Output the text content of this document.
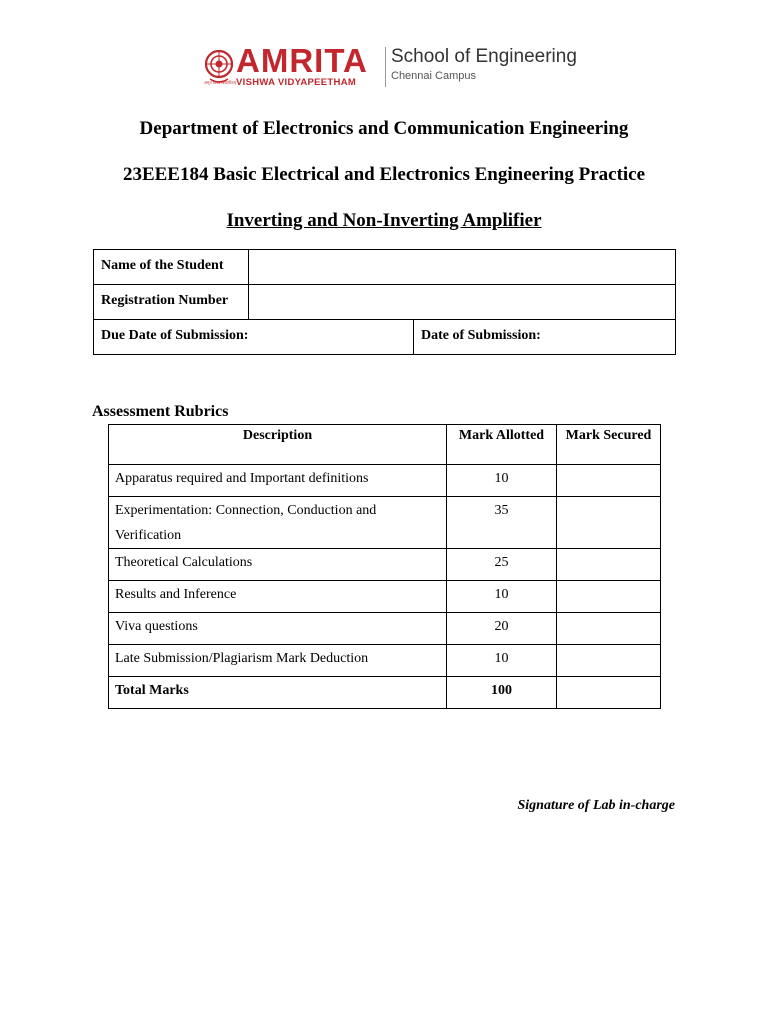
AMRITA
VISHWA VIDYAPEETHAM
अमृत विश्व विद्यापीठम्
School of Engineering
Chennai Campus
Department of Electronics and Communication Engineering
23EEE184 Basic Electrical and Electronics Engineering Practice
Inverting and Non-Inverting Amplifier
Name of the Student		
Registration Number		
Due Date of Submission:		Date of Submission:
Assessment Rubrics
Description	Mark Allotted	Mark Secured
Apparatus required and Important definitions	10	
Experimentation: Connection, Conduction and Verification	35	
Theoretical Calculations	25	
Results and Inference	10	
Viva questions	20	
Late Submission/Plagiarism Mark Deduction	10	
Total Marks	100	
Signature of Lab in-charge
